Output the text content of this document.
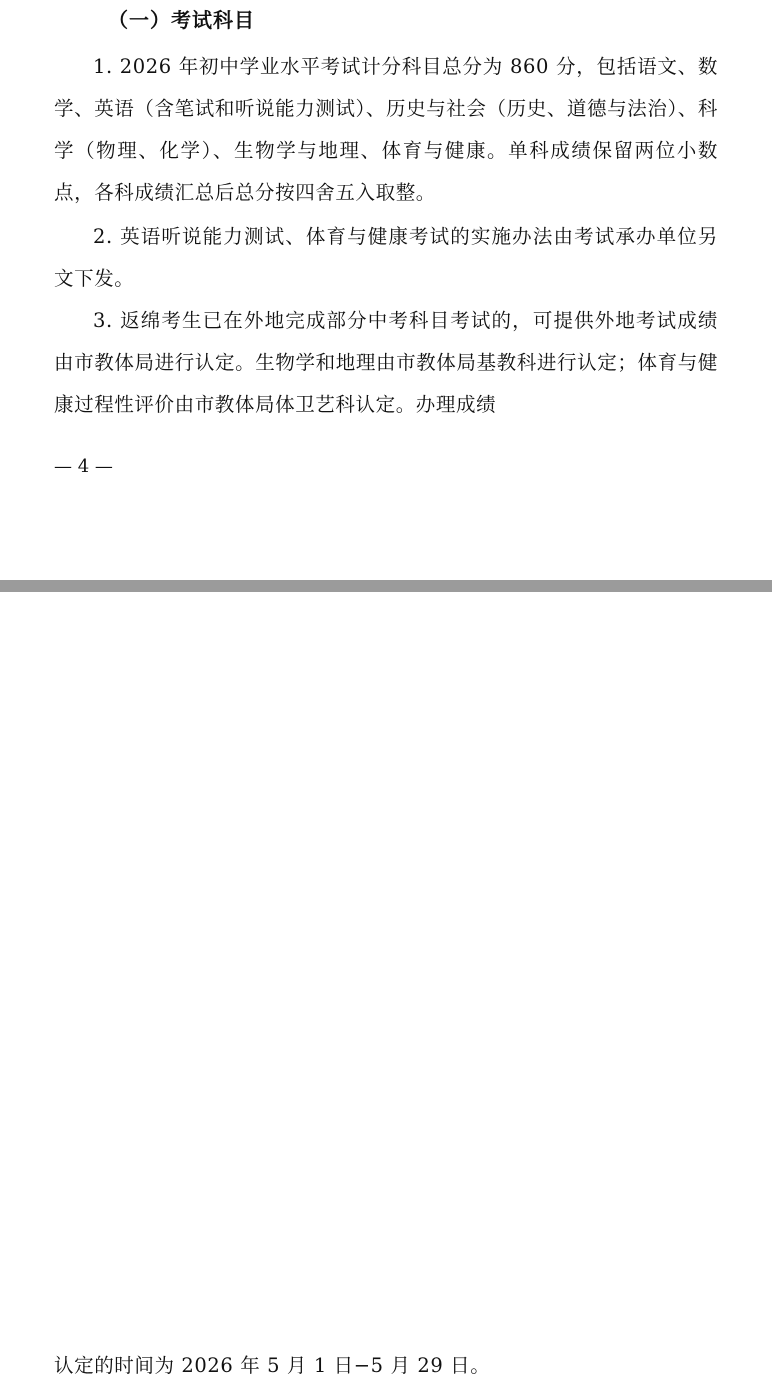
（一）考试科目

1. 2026 年初中学业水平考试计分科目总分为 860 分，包括语文、数学、英语（含笔试和听说能力测试）、历史与社会（历史、道德与法治）、科学（物理、化学）、生物学与地理、体育与健康。单科成绩保留两位小数点，各科成绩汇总后总分按四舍五入取整。

2. 英语听说能力测试、体育与健康考试的实施办法由考试承办单位另文下发。

3. 返绵考生已在外地完成部分中考科目考试的，可提供外地考试成绩由市教体局进行认定。生物学和地理由市教体局基教科进行认定；体育与健康过程性评价由市教体局体卫艺科认定。办理成绩

— 4 —
认定的时间为 2026 年 5 月 1 日−5 月 29 日。
